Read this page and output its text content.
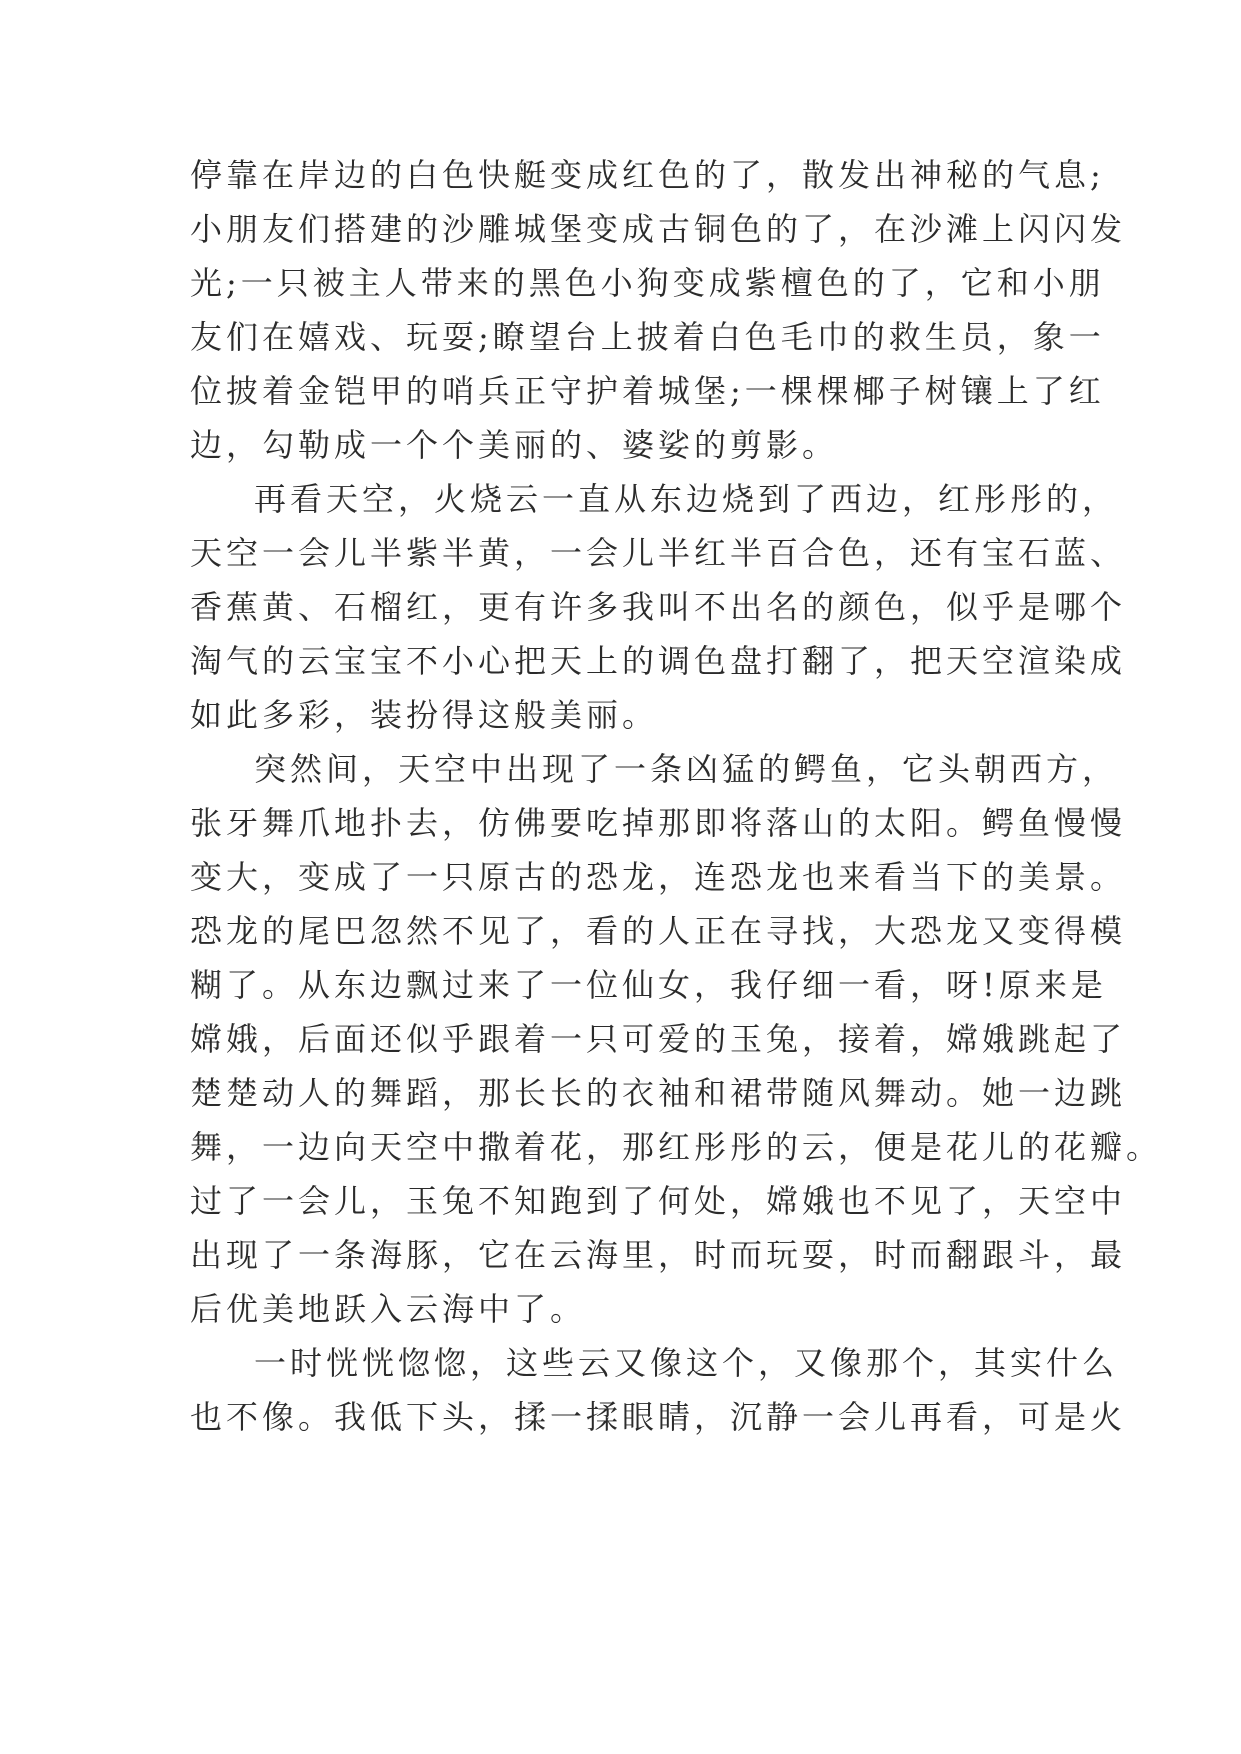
停靠在岸边的白色快艇变成红色的了，散发出神秘的气息;
小朋友们搭建的沙雕城堡变成古铜色的了，在沙滩上闪闪发
光;一只被主人带来的黑色小狗变成紫檀色的了，它和小朋
友们在嬉戏、玩耍;瞭望台上披着白色毛巾的救生员，象一
位披着金铠甲的哨兵正守护着城堡;一棵棵椰子树镶上了红
边，勾勒成一个个美丽的、婆娑的剪影。
再看天空，火烧云一直从东边烧到了西边，红彤彤的，
天空一会儿半紫半黄，一会儿半红半百合色，还有宝石蓝、
香蕉黄、石榴红，更有许多我叫不出名的颜色，似乎是哪个
淘气的云宝宝不小心把天上的调色盘打翻了，把天空渲染成
如此多彩，装扮得这般美丽。
突然间，天空中出现了一条凶猛的鳄鱼，它头朝西方，
张牙舞爪地扑去，仿佛要吃掉那即将落山的太阳。鳄鱼慢慢
变大，变成了一只原古的恐龙，连恐龙也来看当下的美景。
恐龙的尾巴忽然不见了，看的人正在寻找，大恐龙又变得模
糊了。从东边飘过来了一位仙女，我仔细一看，呀!原来是
嫦娥，后面还似乎跟着一只可爱的玉兔，接着，嫦娥跳起了
楚楚动人的舞蹈，那长长的衣袖和裙带随风舞动。她一边跳
舞，一边向天空中撒着花，那红彤彤的云，便是花儿的花瓣。
过了一会儿，玉兔不知跑到了何处，嫦娥也不见了，天空中
出现了一条海豚，它在云海里，时而玩耍，时而翻跟斗，最
后优美地跃入云海中了。
一时恍恍惚惚，这些云又像这个，又像那个，其实什么
也不像。我低下头，揉一揉眼睛，沉静一会儿再看，可是火
